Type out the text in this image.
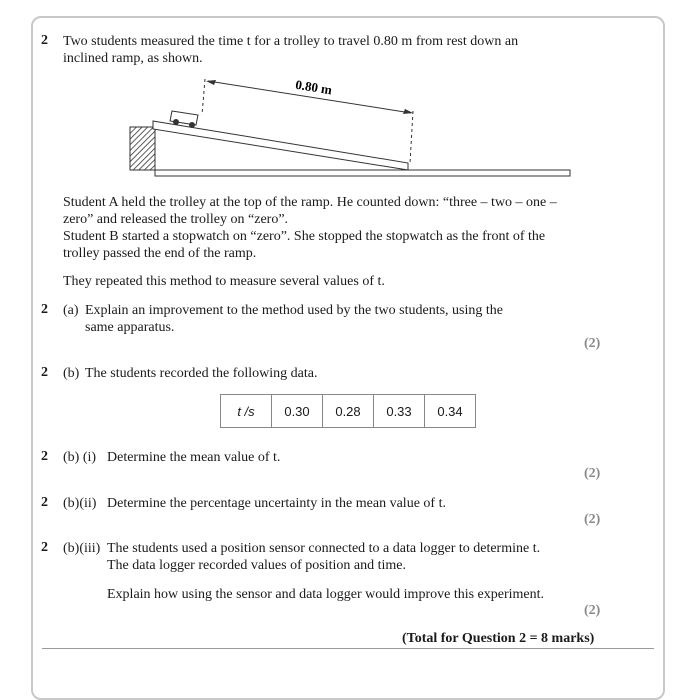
2 Two students measured the time t for a trolley to travel 0.80 m from rest down an
inclined ramp, as shown.
0.80 m
Student A held the trolley at the top of the ramp. He counted down: “three – two – one –
zero” and released the trolley on “zero”.
Student B started a stopwatch on “zero”. She stopped the stopwatch as the front of the
trolley passed the end of the ramp.
They repeated this method to measure several values of t.
2 (a) Explain an improvement to the method used by the two students, using the
same apparatus.
(2)
2 (b) The students recorded the following data.
t /s	0.30	0.28	0.33	0.34
2 (b) (i) Determine the mean value of t.
(2)
2 (b)(ii) Determine the percentage uncertainty in the mean value of t.
(2)
2 (b)(iii) The students used a position sensor connected to a data logger to determine t.
The data logger recorded values of position and time.
Explain how using the sensor and data logger would improve this experiment.
(2)
(Total for Question 2 = 8 marks)
